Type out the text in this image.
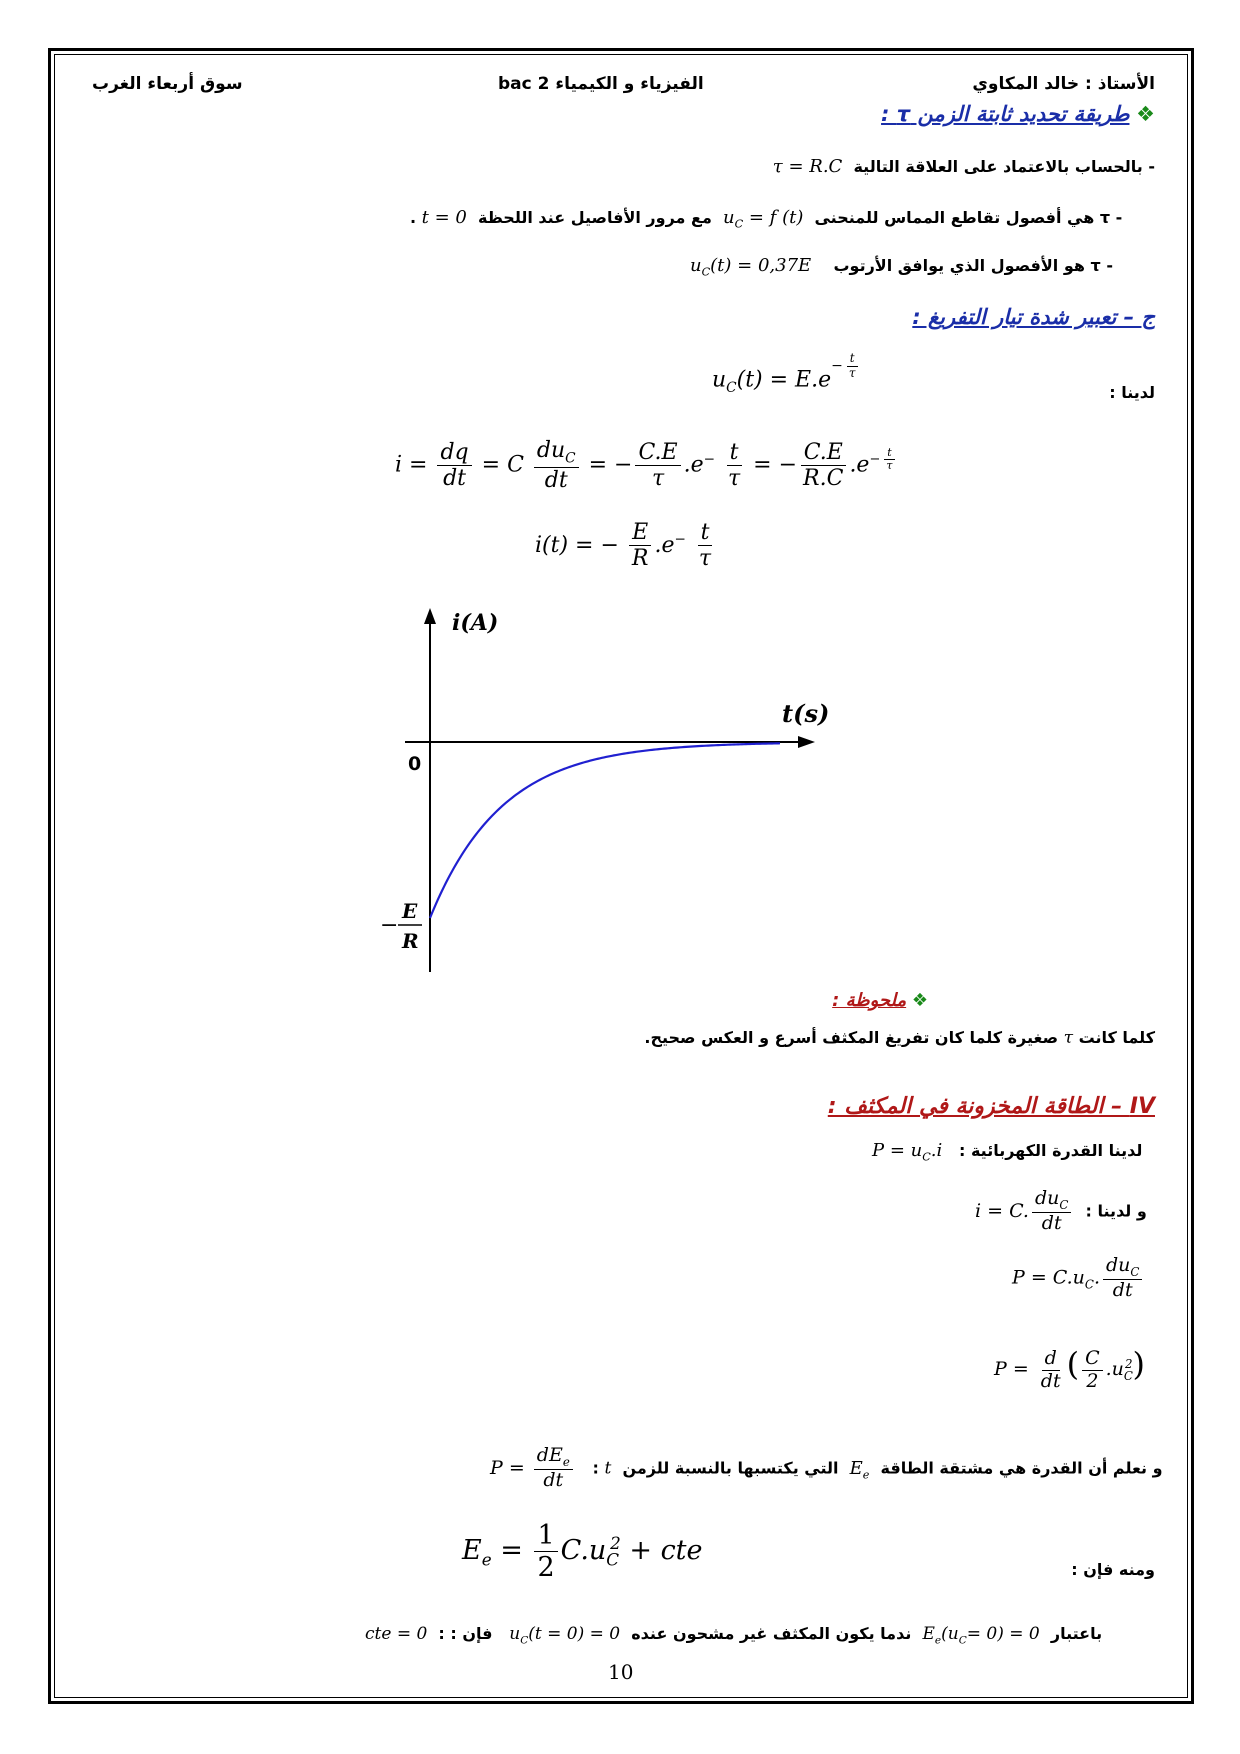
الأستاذ : خالد المكاوي
الفيزياء و الكيمياء 2 bac
سوق أربعاء الغرب
❖ طريقة تحديد ثابتة الزمن τ :
- بالحساب بالاعتماد على العلاقة التالية  τ = R.C
. t = 0 مع مرور الأفاصيل عند اللحظة $u_C = f$ (t) - τ هي أفصول تقاطع المماس للمنحنى
$u_C(t) = 0,37E - \tau$ هو الأفصول الذي يوافق الأرتوب
ج – تعبير شدة تيار التفريغ :
لدينا :
$u_C(t) = E.e^{- \frac{t}{\tau}}$
$i = \frac{dq}{dt} = C \frac{du_C}{dt}$ = − $\frac{C.E}{\tau} .e^- \frac{t}{\tau}$ = − $\frac{C.E}{R.C} .e^{- \frac{t}{\tau}}$
i(t) = − $\frac{E}{R} .e^- \frac{t}{\tau}$
i(A)
t(s)
0
−
E
R
❖ ملحوظة :
كلما كانت τ صغيرة كلما كان تفريغ المكثف أسرع و العكس صحيح.
IV – الطاقة المخزونة في المكثف :
$P = u_C.i$ لدينا القدرة الكهربائية :
i = C. $\frac{du_C}{dt}$ و لدينا :
$P = C.u_C$. $\frac{du_C}{dt}$
$P = \frac{d}{dt}$ ( $\frac{C}{2} .u_C^2$)
$P = \frac{dE_e}{dt}$ : t التي يكتسبها بالنسبة للزمن $E_e$ و نعلم أن القدرة هي مشتقة الطاقة
ومنه فإن :
$E_e = \frac{1}{2} C.u_C^2$ + cte
cte = 0 : فإن : $u_C(t = 0) = 0$ ندما يكون المكثف غير مشحون عنده $E_e(u_C= 0) = 0$ باعتبار
10
